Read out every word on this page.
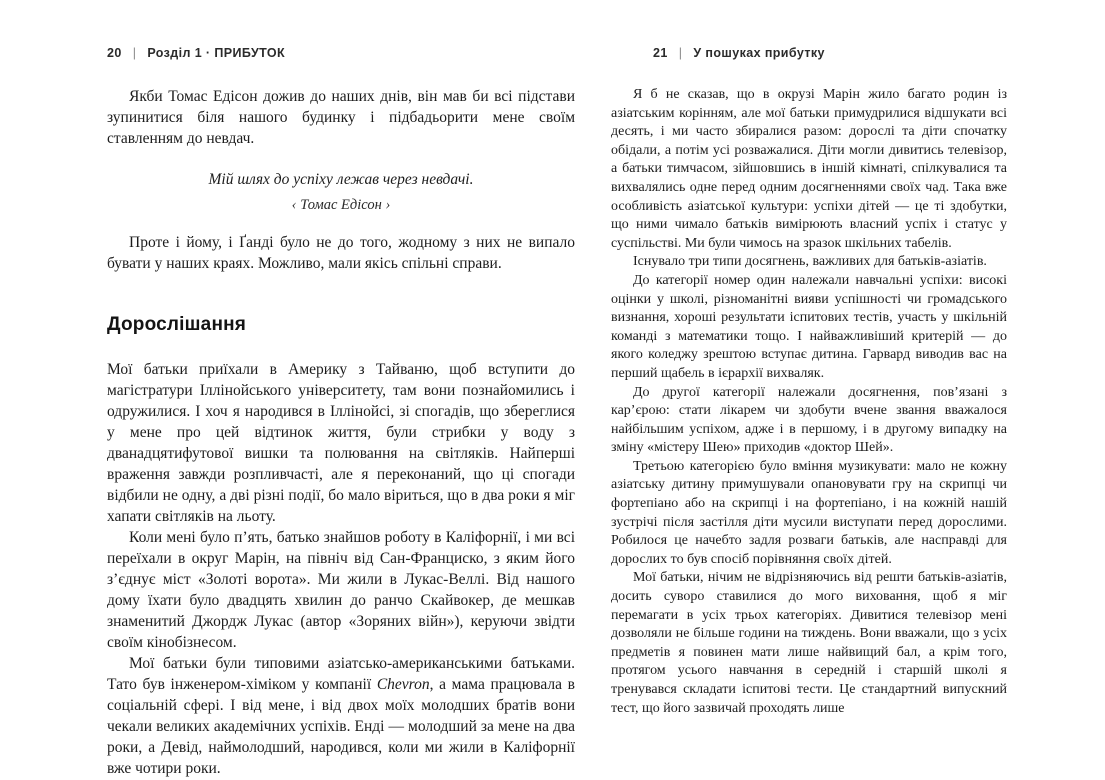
20 | Розділ 1 · ПРИБУТОК

Якби Томас Едісон дожив до наших днів, він мав би всі підстави зупинитися біля нашого будинку і підбадьорити мене своїм ставленням до невдач.

Мій шлях до успіху лежав через невдачі.
‹ Томас Едісон ›

Проте і йому, і Ґанді було не до того, жодному з них не випало бувати у наших краях. Можливо, мали якісь спільні справи.

Дорослішання

Мої батьки приїхали в Америку з Тайваню, щоб вступити до магістратури Іллінойського університету, там вони познайомились і одружилися. І хоч я народився в Іллінойсі, зі спогадів, що збереглися у мене про цей відтинок життя, були стрибки у воду з дванадцятифутової вишки та полювання на світляків. Найперші враження завжди розпливчасті, але я переконаний, що ці спогади відбили не одну, а дві різні події, бо мало віриться, що в два роки я міг хапати світляків на льоту.

Коли мені було п’ять, батько знайшов роботу в Каліфорнії, і ми всі переїхали в округ Марін, на північ від Сан-Франциско, з яким його з’єднує міст «Золоті ворота». Ми жили в Лукас-Веллі. Від нашого дому їхати було двадцять хвилин до ранчо Скайвокер, де мешкав знаменитий Джордж Лукас (автор «Зоряних війн»), керуючи звідти своїм кінобізнесом.

Мої батьки були типовими азіатсько-американськими батьками. Тато був інженером-хіміком у компанії Chevron, а мама працювала в соціальній сфері. І від мене, і від двох моїх молодших братів вони чекали великих академічних успіхів. Енді — молодший за мене на два роки, а Девід, наймолодший, народився, коли ми жили в Каліфорнії вже чотири роки.

21 | У пошуках прибутку

Я б не сказав, що в окрузі Марін жило багато родин із азіатським корінням, але мої батьки примудрилися відшукати всі десять, і ми часто збиралися разом: дорослі та діти спочатку обідали, а потім усі розважалися. Діти могли дивитись телевізор, а батьки тимчасом, зійшовшись в іншій кімнаті, спілкувалися та вихвалялись одне перед одним досягненнями своїх чад. Така вже особливість азіатської культури: успіхи дітей — це ті здобутки, що ними чимало батьків вимірюють власний успіх і статус у суспільстві. Ми були чимось на зразок шкільних табелів.

Існувало три типи досягнень, важливих для батьків-азіатів.

До категорії номер один належали навчальні успіхи: високі оцінки у школі, різноманітні вияви успішності чи громадського визнання, хороші результати іспитових тестів, участь у шкільній команді з математики тощо. І найважливіший критерій — до якого коледжу зрештою вступає дитина. Гарвард виводив вас на перший щабель в ієрархії вихваляк.

До другої категорії належали досягнення, пов’язані з кар’єрою: стати лікарем чи здобути вчене звання вважалося найбільшим успіхом, адже і в першому, і в другому випадку на зміну «містеру Шею» приходив «доктор Шей».

Третьою категорією було вміння музикувати: мало не кожну азіатську дитину примушували опановувати гру на скрипці чи фортепіано або на скрипці і на фортепіано, і на кожній нашій зустрічі після застілля діти мусили виступати перед дорослими. Робилося це начебто задля розваги батьків, але насправді для дорослих то був спосіб порівняння своїх дітей.

Мої батьки, нічим не відрізняючись від решти батьків-азіатів, досить суворо ставилися до мого виховання, щоб я міг перемагати в усіх трьох категоріях. Дивитися телевізор мені дозволяли не більше години на тиждень. Вони вважали, що з усіх предметів я повинен мати лише найвищий бал, а крім того, протягом усього навчання в середній і старшій школі я тренувався складати іспитові тести. Це стандартний випускний тест, що його зазвичай проходять лише
